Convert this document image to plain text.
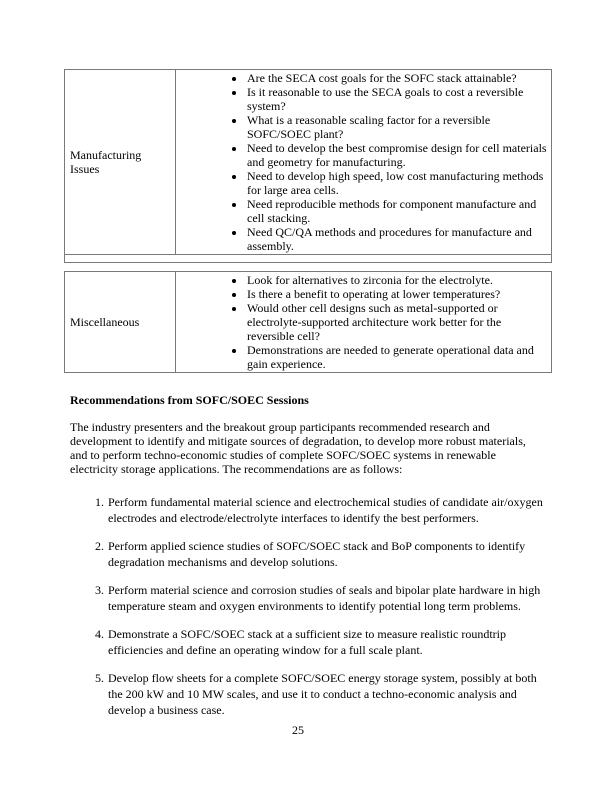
Manufacturing Issues	
• Are the SECA cost goals for the SOFC stack attainable?
• Is it reasonable to use the SECA goals to cost a reversible system?
• What is a reasonable scaling factor for a reversible SOFC/SOEC plant?
• Need to develop the best compromise design for cell materials and geometry for manufacturing.
• Need to develop high speed, low cost manufacturing methods for large area cells.
• Need reproducible methods for component manufacture and cell stacking.
• Need QC/QA methods and procedures for manufacture and assembly.

Miscellaneous	
• Look for alternatives to zirconia for the electrolyte.
• Is there a benefit to operating at lower temperatures?
• Would other cell designs such as metal-supported or electrolyte-supported architecture work better for the reversible cell?
• Demonstrations are needed to generate operational data and gain experience.
Recommendations from SOFC/SOEC Sessions

The industry presenters and the breakout group participants recommended research and development to identify and mitigate sources of degradation, to develop more robust materials, and to perform techno-economic studies of complete SOFC/SOEC systems in renewable electricity storage applications. The recommendations are as follows:

1. Perform fundamental material science and electrochemical studies of candidate air/oxygen electrodes and electrode/electrolyte interfaces to identify the best performers.
2. Perform applied science studies of SOFC/SOEC stack and BoP components to identify degradation mechanisms and develop solutions.
3. Perform material science and corrosion studies of seals and bipolar plate hardware in high temperature steam and oxygen environments to identify potential long term problems.
4. Demonstrate a SOFC/SOEC stack at a sufficient size to measure realistic roundtrip efficiencies and define an operating window for a full scale plant.
5. Develop flow sheets for a complete SOFC/SOEC energy storage system, possibly at both the 200 kW and 10 MW scales, and use it to conduct a techno-economic analysis and develop a business case.
25
